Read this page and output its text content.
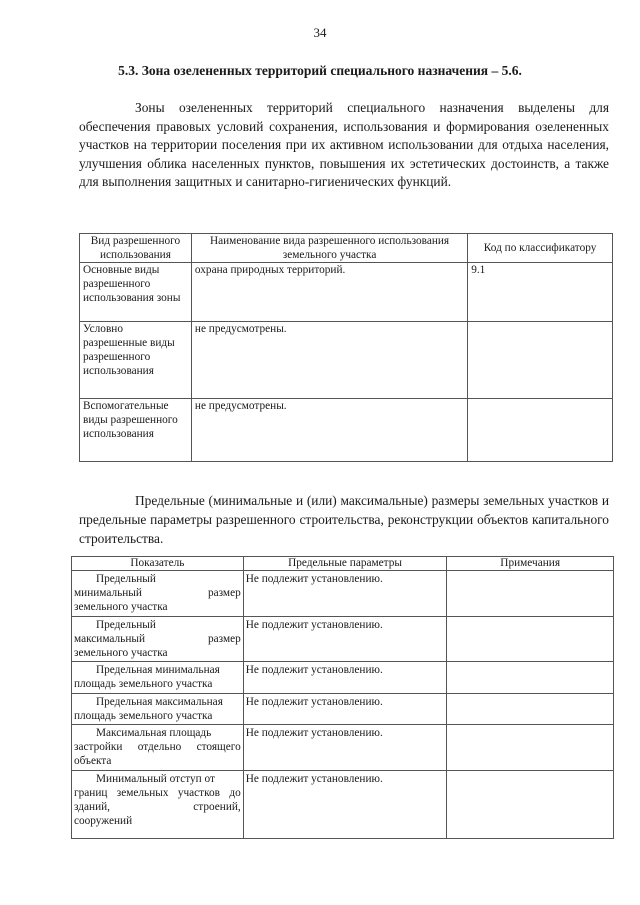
34
5.3. Зона озелененных территорий специального назначения – 5.6.

Зоны озелененных территорий специального назначения выделены для обеспечения правовых условий сохранения, использования и формирования озелененных участков на территории поселения при их активном использовании для отдыха населения, улучшения облика населенных пунктов, повышения их эстетических достоинств, а также для выполнения защитных и санитарно-гигиенических функций.

Вид разрешенного использования	Наименование вида разрешенного использования земельного участка	Код по классификатору
Основные виды разрешенного использования зоны	охрана природных территорий.	9.1
Условно разрешенные виды разрешенного использования	не предусмотрены.	
Вспомогательные виды разрешенного использования	не предусмотрены.	

Предельные (минимальные и (или) максимальные) размеры земельных участков и предельные параметры разрешенного строительства, реконструкции объектов капитального строительства.

Показатель	Предельные параметры	Примечания

Предельный
минимальный размер
земельного участка	Не подлежит установлению.	

Предельный
максимальный размер
земельного участка	Не подлежит установлению.	

Предельная минимальная
площадь земельного участка	Не подлежит установлению.	

Предельная максимальная
площадь земельного участка	Не подлежит установлению.	

Максимальная площадь
застройки отдельно стоящего
объекта	Не подлежит установлению.	

Минимальный отступ от
границ земельных участков до зданий, строений,
сооружений	Не подлежит установлению.	
